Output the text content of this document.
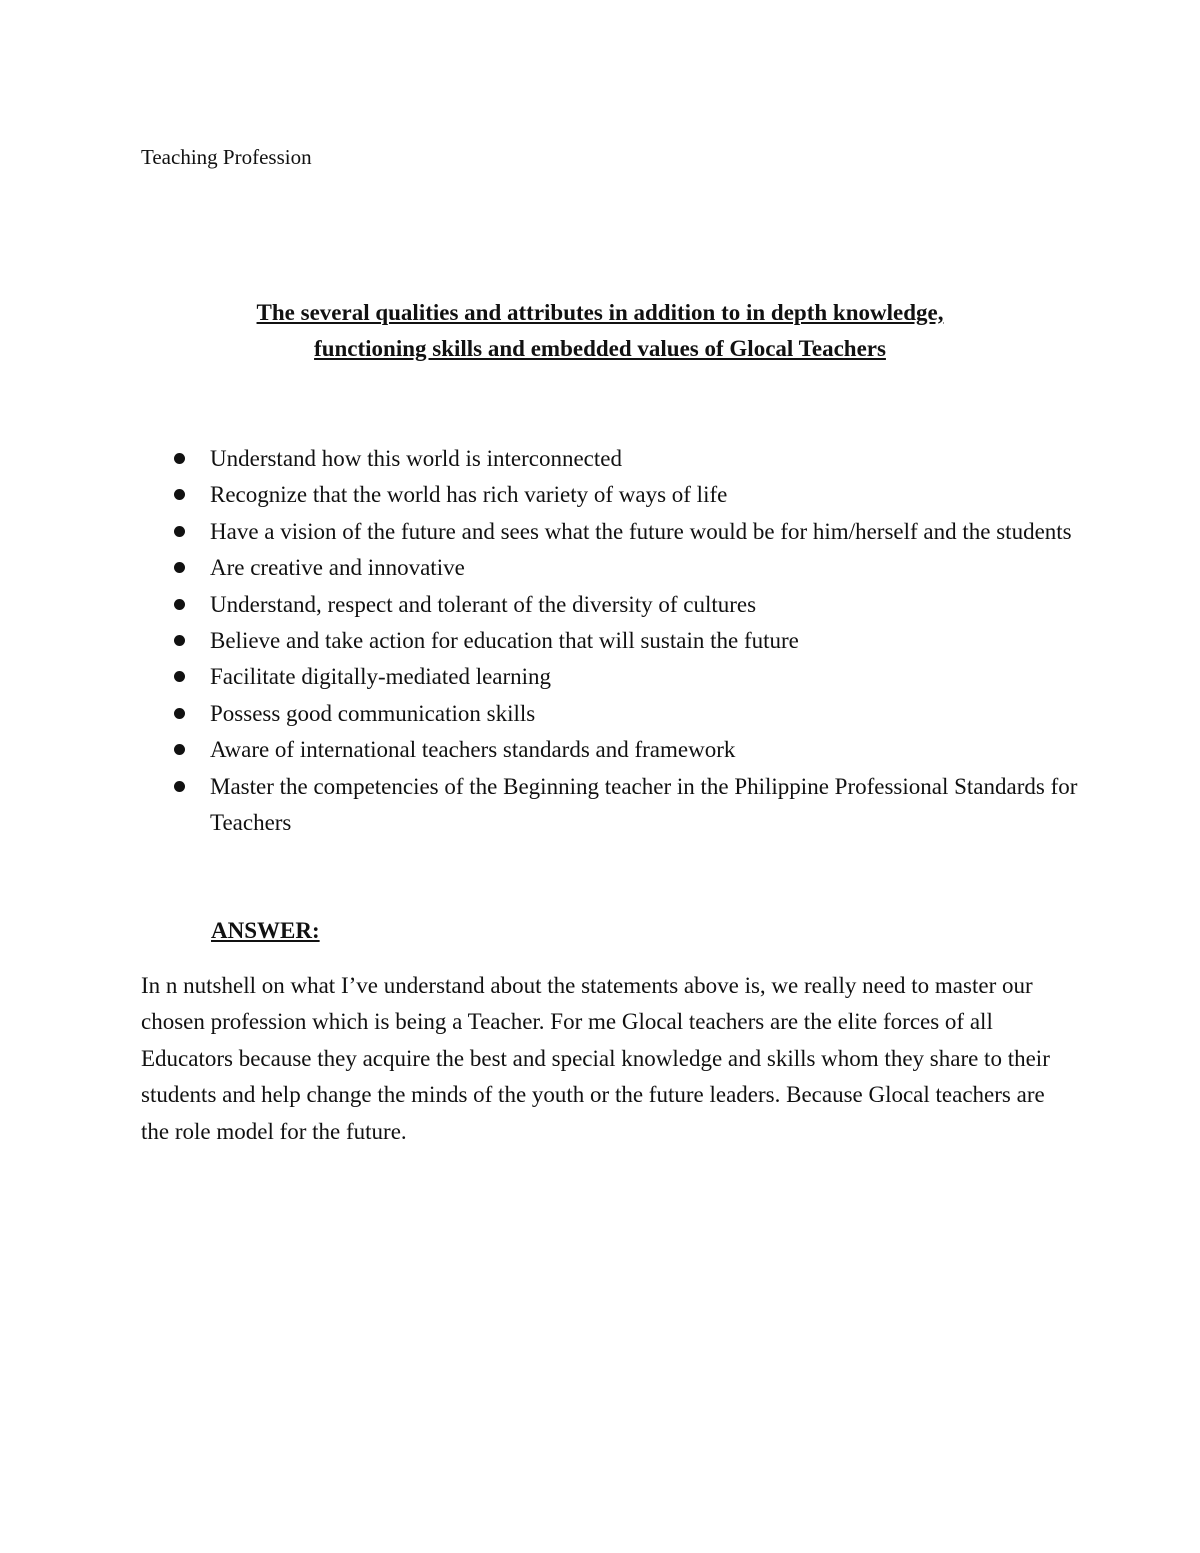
Teaching Profession
The several qualities and attributes in addition to in depth knowledge,
functioning skills and embedded values of Glocal Teachers
Understand how this world is interconnected
Recognize that the world has rich variety of ways of life
Have a vision of the future and sees what the future would be for him/herself and the students
Are creative and innovative
Understand, respect and tolerant of the diversity of cultures
Believe and take action for education that will sustain the future
Facilitate digitally-mediated learning
Possess good communication skills
Aware of international teachers standards and framework
Master the competencies of the Beginning teacher in the Philippine Professional Standards for Teachers
ANSWER:

In n nutshell on what I’ve understand about the statements above is, we really need to master our chosen profession which is being a Teacher. For me Glocal teachers are the elite forces of all Educators because they acquire the best and special knowledge and skills whom they share to their students and help change the minds of the youth or the future leaders. Because Glocal teachers are the role model for the future.
